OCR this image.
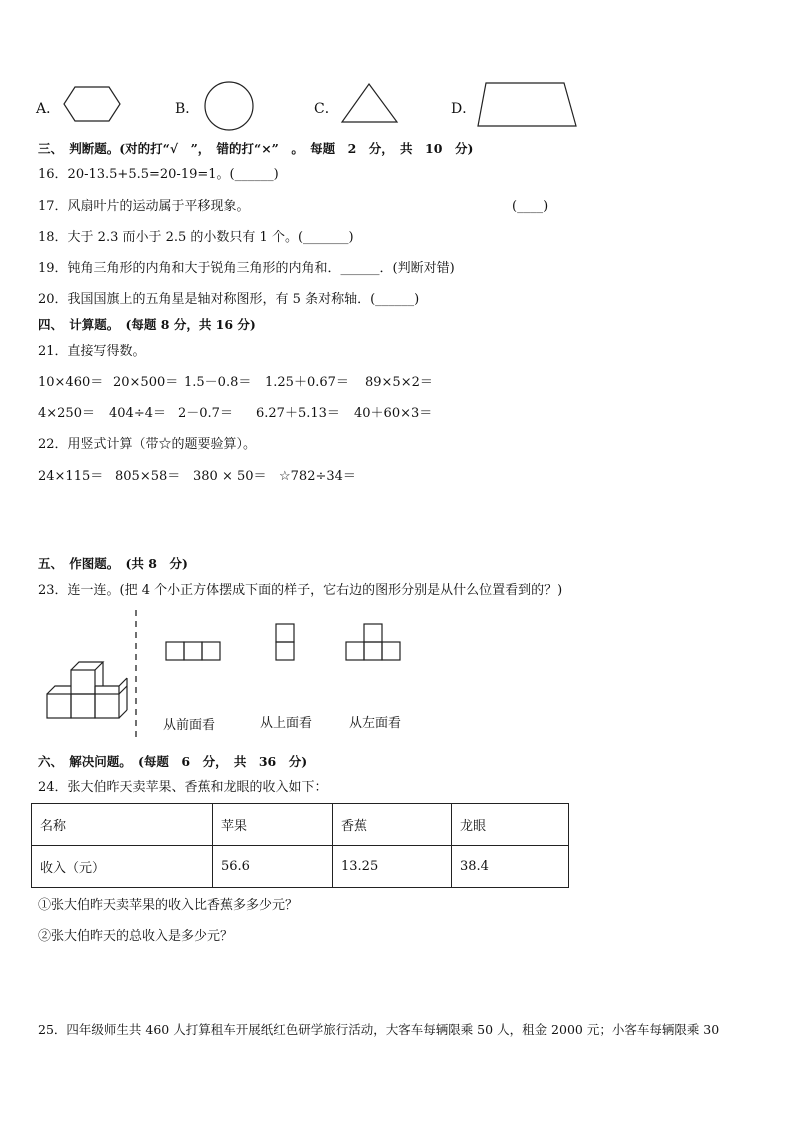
A．	B．	C．	D．
三、　判断题。(对的打“√　”，　错的打“×”　。　每题　2　分，　共　10　分)
16．20-13.5+5.5=20-19=1。(______)
17．风扇叶片的运动属于平移现象。	(____)
18．大于 2.3 而小于 2.5 的小数只有 1 个。(_______)
19．钝角三角形的内角和大于锐角三角形的内角和．______．(判断对错)
20．我国国旗上的五角星是轴对称图形，有 5 条对称轴．(______)
四、　计算题。　(每题 8 分，共 16 分)
21．直接写得数。
10×460＝ 20×500＝ 1.5－0.8＝ 1.25＋0.67＝ 89×5×2＝
4×250＝ 404÷4＝ 2－0.7＝ 6.27＋5.13＝ 40＋60×3＝
22．用竖式计算（带☆的题要验算）。
24×115＝ 805×58＝ 380 × 50＝ ☆782÷34＝
五、　作图题。　(共 8　分)
23．连一连。(把 4 个小正方体摆成下面的样子，它右边的图形分别是从什么位置看到的？)
从前面看	从上面看	从左面看
六、　解决问题。　(每题　6　分，　共　36　分)
24．张大伯昨天卖苹果、香蕉和龙眼的收入如下：
名称	苹果	香蕉	龙眼
收入（元）	56.6	13.25	38.4
①张大伯昨天卖苹果的收入比香蕉多多少元？
②张大伯昨天的总收入是多少元？
25．四年级师生共 460 人打算租车开展纸红色研学旅行活动，大客车每辆限乘 50 人，租金 2000 元；小客车每辆限乘 30
